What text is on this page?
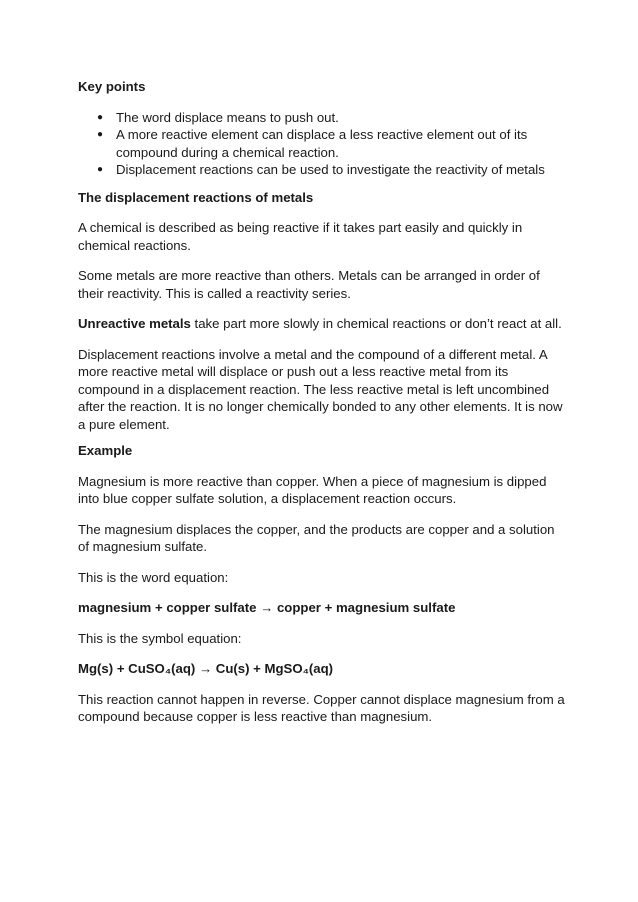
Key points

● The word displace means to push out.
● A more reactive element can displace a less reactive element out of its compound during a chemical reaction.
● Displacement reactions can be used to investigate the reactivity of metals

The displacement reactions of metals

A chemical is described as being reactive if it takes part easily and quickly in chemical reactions.

Some metals are more reactive than others. Metals can be arranged in order of their reactivity. This is called a reactivity series.

Unreactive metals take part more slowly in chemical reactions or don’t react at all.

Displacement reactions involve a metal and the compound of a different metal. A more reactive metal will displace or push out a less reactive metal from its compound in a displacement reaction. The less reactive metal is left uncombined after the reaction. It is no longer chemically bonded to any other elements. It is now a pure element.

Example

Magnesium is more reactive than copper. When a piece of magnesium is dipped into blue copper sulfate solution, a displacement reaction occurs.

The magnesium displaces the copper, and the products are copper and a solution of magnesium sulfate.

This is the word equation:

magnesium + copper sulfate → copper + magnesium sulfate

This is the symbol equation:

Mg(s) + CuSO₄(aq) → Cu(s) + MgSO₄(aq)

This reaction cannot happen in reverse. Copper cannot displace magnesium from a compound because copper is less reactive than magnesium.
